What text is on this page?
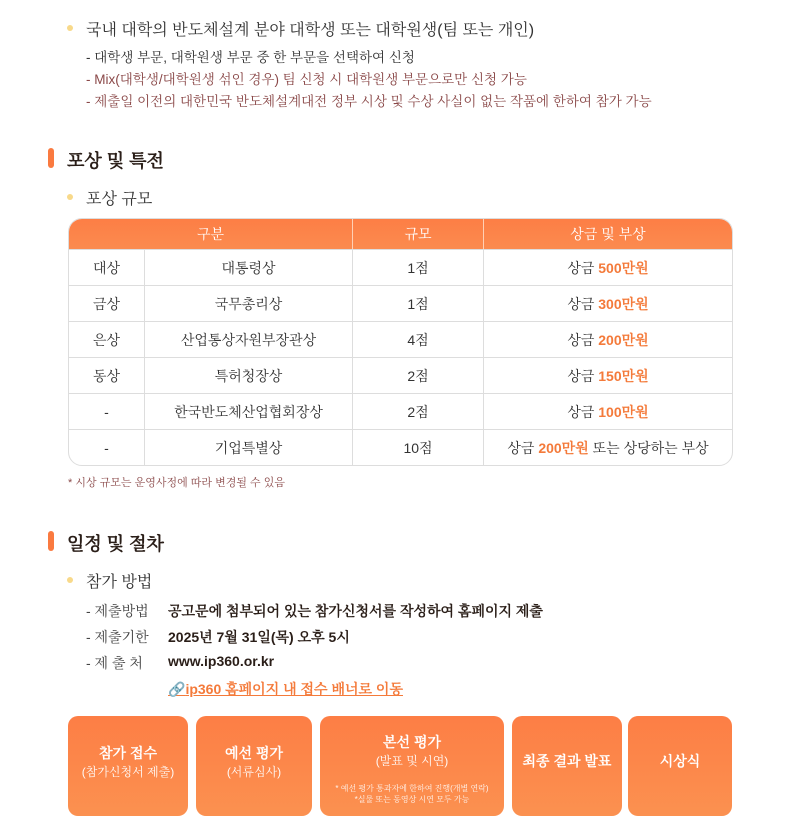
국내 대학의 반도체설계 분야 대학생 또는 대학원생(팀 또는 개인)
- 대학생 부문, 대학원생 부문 중 한 부문을 선택하여 신청
- Mix(대학생/대학원생 섞인 경우) 팀 신청 시 대학원생 부문으로만 신청 가능
- 제출일 이전의 대한민국 반도체설계대전 정부 시상 및 수상 사실이 없는 작품에 한하여 참가 가능
포상 및 특전
포상 규모
구분		규모	상금 및 부상
대상	대통령상	1점	상금 500만원
금상	국무총리상	1점	상금 300만원
은상	산업통상자원부장관상	4점	상금 200만원
동상	특허청장상	2점	상금 150만원
-	한국반도체산업협회장상	2점	상금 100만원
-	기업특별상	10점	상금 200만원 또는 상당하는 부상
* 시상 규모는 운영사정에 따라 변경될 수 있음
일정 및 절차
참가 방법
- 제출방법 공고문에 첨부되어 있는 참가신청서를 작성하여 홈페이지 제출
- 제출기한 2025년 7월 31일(목) 오후 5시
- 제 출 처 www.ip360.or.kr
🔗ip360 홈페이지 내 접수 배너로 이동
참가 접수
(참가신청서 제출)
예선 평가
(서류심사)
본선 평가
(발표 및 시연)
* 예선 평가 통과자에 한하여 진행(개별 연락)
*실물 또는 동영상 시연 모두 가능
최종 결과 발표	시상식
